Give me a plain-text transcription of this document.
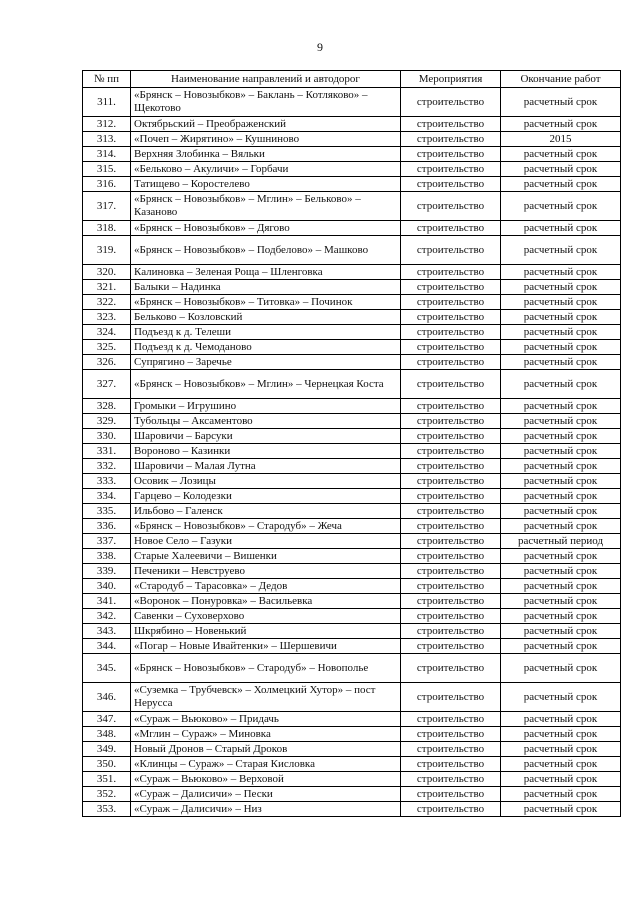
9
№ пп	Наименование направлений и автодорог	Мероприятия	Окончание работ
311.	«Брянск – Новозыбков» – Баклань – Котляково» – Щекотово	строительство	расчетный срок
312.	Октябрьский – Преображенский	строительство	расчетный срок
313.	«Почеп – Жирятино» – Кушниново	строительство	2015
314.	Верхняя Злобинка – Вяльки	строительство	расчетный срок
315.	«Бельково – Акуличи» – Горбачи	строительство	расчетный срок
316.	Татищево – Коростелево	строительство	расчетный срок
317.	«Брянск – Новозыбков» – Мглин» – Бельково» – Казаново	строительство	расчетный срок
318.	«Брянск – Новозыбков» – Дягово	строительство	расчетный срок
319.	«Брянск – Новозыбков» – Подбелово» – Машково	строительство	расчетный срок
320.	Калиновка – Зеленая Роща – Шленговка	строительство	расчетный срок
321.	Балыки – Надинка	строительство	расчетный срок
322.	«Брянск – Новозыбков» – Титовка» – Починок	строительство	расчетный срок
323.	Бельково – Козловский	строительство	расчетный срок
324.	Подъезд к д. Телеши	строительство	расчетный срок
325.	Подъезд к д. Чемоданово	строительство	расчетный срок
326.	Супрягино – Заречье	строительство	расчетный срок
327.	«Брянск – Новозыбков» – Мглин» – Чернецкая Коста	строительство	расчетный срок
328.	Громыки – Игрушино	строительство	расчетный срок
329.	Тубольцы – Аксаментово	строительство	расчетный срок
330.	Шаровичи – Барсуки	строительство	расчетный срок
331.	Вороново – Казинки	строительство	расчетный срок
332.	Шаровичи – Малая Лутна	строительство	расчетный срок
333.	Осовик – Лозицы	строительство	расчетный срок
334.	Гарцево – Колодезки	строительство	расчетный срок
335.	Ильбово – Галенск	строительство	расчетный срок
336.	«Брянск – Новозыбков» – Стародуб» – Жеча	строительство	расчетный срок
337.	Новое Село – Газуки	строительство	расчетный период
338.	Старые Халеевичи – Вишенки	строительство	расчетный срок
339.	Печеники – Невструево	строительство	расчетный срок
340.	«Стародуб – Тарасовка» – Дедов	строительство	расчетный срок
341.	«Воронок – Понуровка» – Васильевка	строительство	расчетный срок
342.	Савенки – Суховерхово	строительство	расчетный срок
343.	Шкрябино – Новенький	строительство	расчетный срок
344.	«Погар – Новые Ивайтенки» – Шершевичи	строительство	расчетный срок
345.	«Брянск – Новозыбков» – Стародуб» – Новополье	строительство	расчетный срок
346.	«Суземка – Трубчевск» – Холмецкий Хутор» – пост Нерусса	строительство	расчетный срок
347.	«Сураж – Вьюково» – Придачь	строительство	расчетный срок
348.	«Мглин – Сураж» – Миновка	строительство	расчетный срок
349.	Новый Дронов – Старый Дроков	строительство	расчетный срок
350.	«Клинцы – Сураж» – Старая Кисловка	строительство	расчетный срок
351.	«Сураж – Вьюково» – Верховой	строительство	расчетный срок
352.	«Сураж – Далисичи» – Пески	строительство	расчетный срок
353.	«Сураж – Далисичи» – Низ	строительство	расчетный срок
